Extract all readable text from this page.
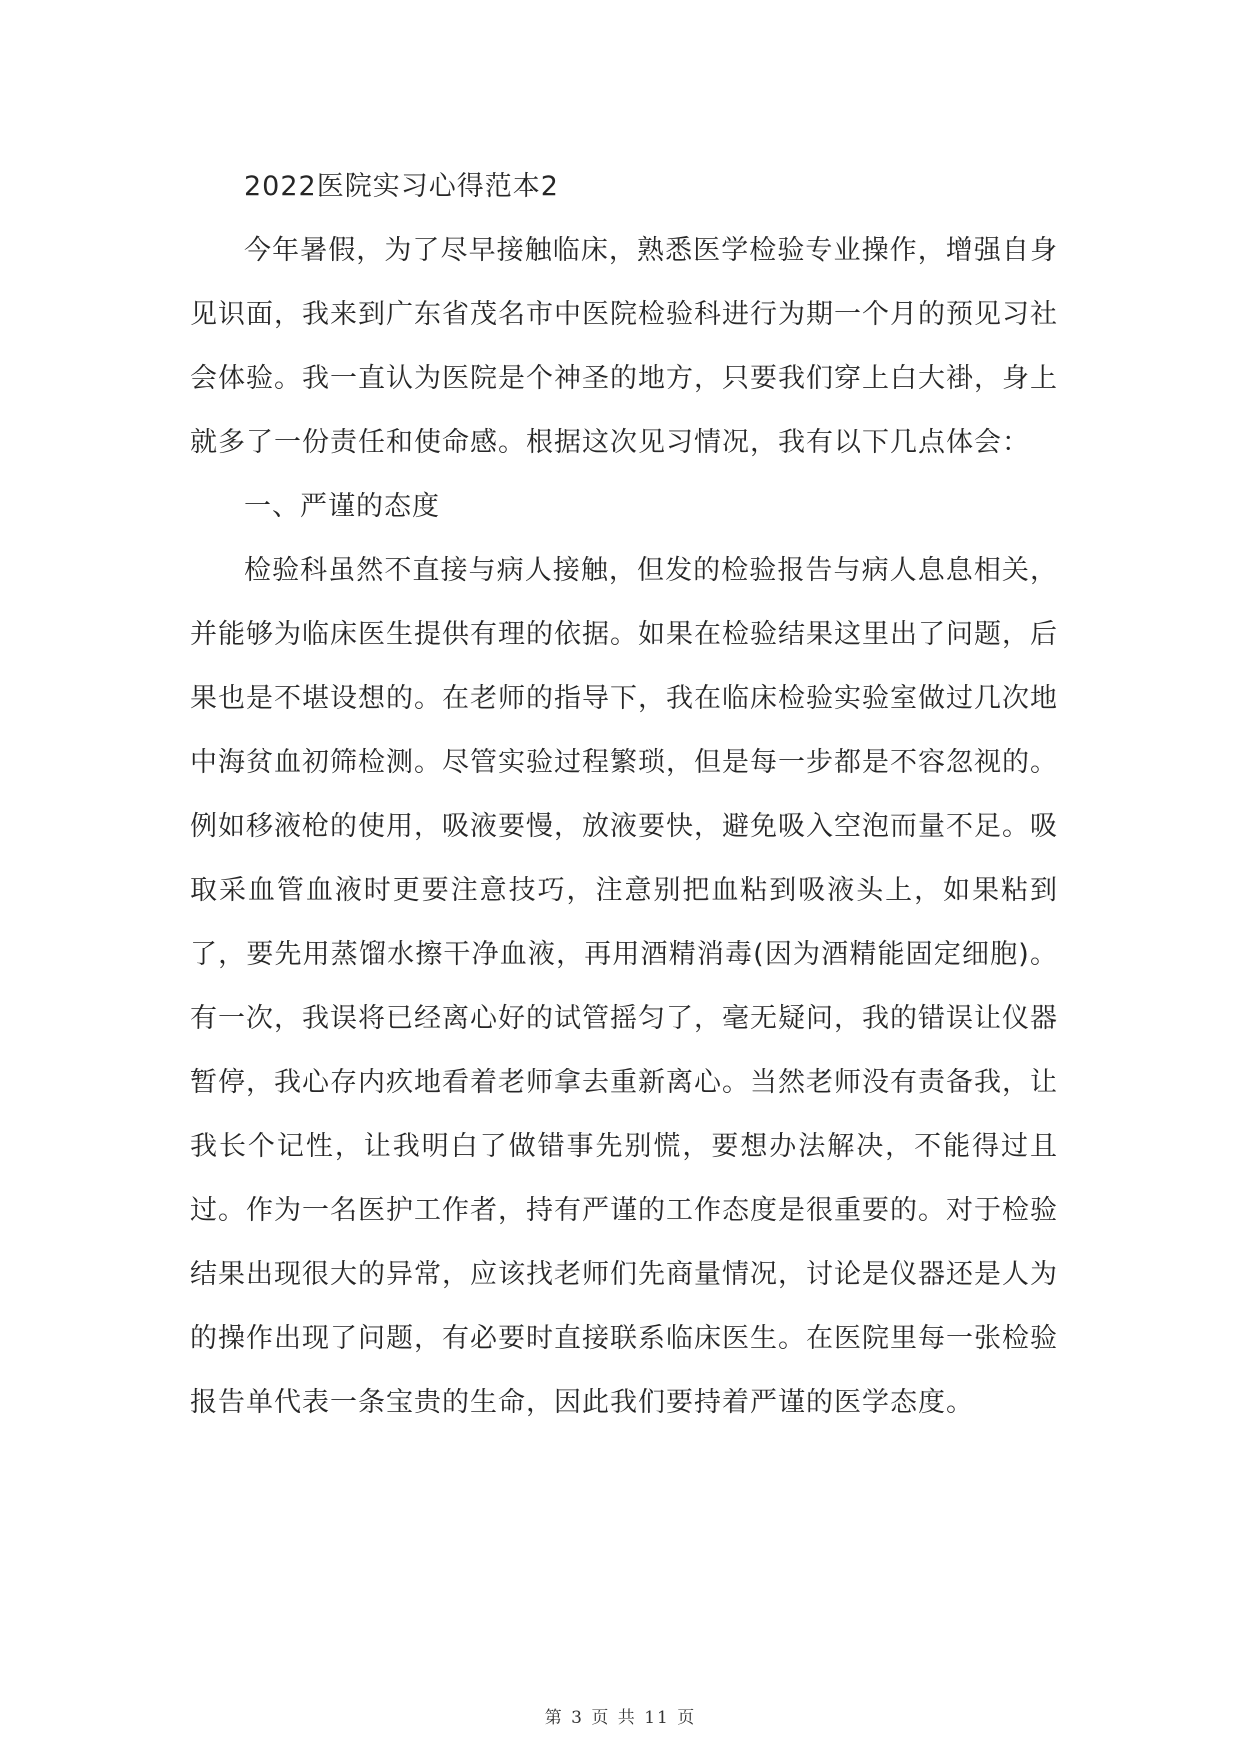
2022医院实习心得范本2

今年暑假，为了尽早接触临床，熟悉医学检验专业操作，增强自身见识面，我来到广东省茂名市中医院检验科进行为期一个月的预见习社会体验。我一直认为医院是个神圣的地方，只要我们穿上白大褂，身上就多了一份责任和使命感。根据这次见习情况，我有以下几点体会：

一、严谨的态度

检验科虽然不直接与病人接触，但发的检验报告与病人息息相关，并能够为临床医生提供有理的依据。如果在检验结果这里出了问题，后果也是不堪设想的。在老师的指导下，我在临床检验实验室做过几次地中海贫血初筛检测。尽管实验过程繁琐，但是每一步都是不容忽视的。例如移液枪的使用，吸液要慢，放液要快，避免吸入空泡而量不足。吸取采血管血液时更要注意技巧，注意别把血粘到吸液头上，如果粘到了，要先用蒸馏水擦干净血液，再用酒精消毒(因为酒精能固定细胞)。有一次，我误将已经离心好的试管摇匀了，毫无疑问，我的错误让仪器暂停，我心存内疚地看着老师拿去重新离心。当然老师没有责备我，让我长个记性，让我明白了做错事先别慌，要想办法解决，不能得过且过。作为一名医护工作者，持有严谨的工作态度是很重要的。对于检验结果出现很大的异常，应该找老师们先商量情况，讨论是仪器还是人为的操作出现了问题，有必要时直接联系临床医生。在医院里每一张检验报告单代表一条宝贵的生命，因此我们要持着严谨的医学态度。

第 3 页 共 11 页
